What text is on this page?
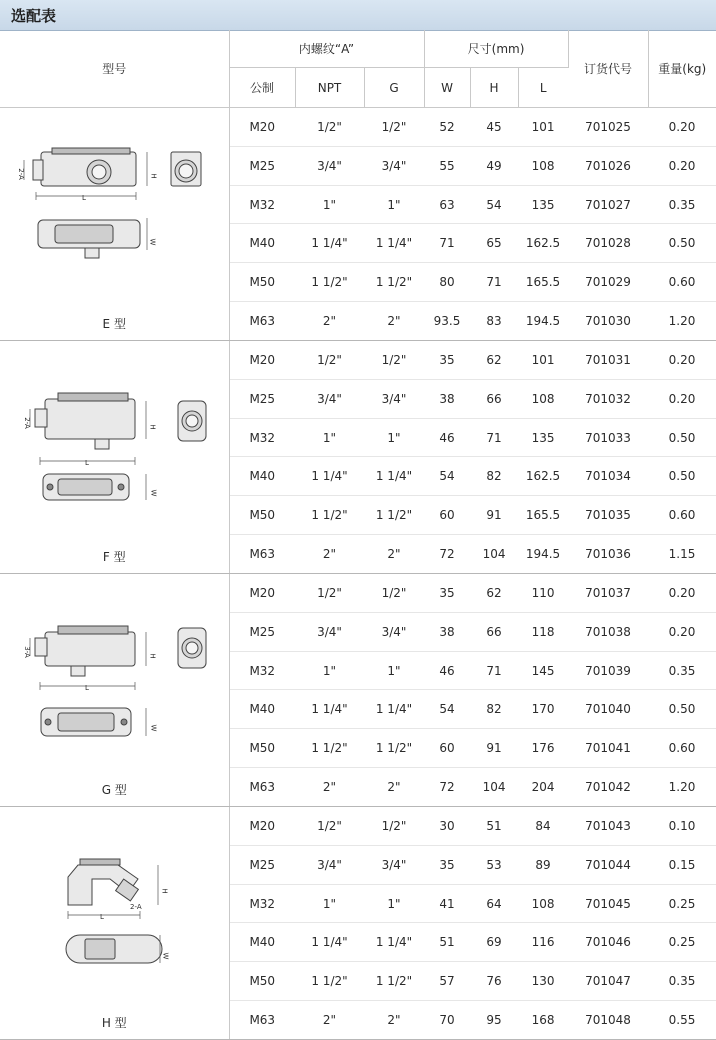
选配表
型号	内螺纹“A”			尺寸(mm)			订货代号	重量(kg)
	公制	NPT	G	W	H	L		

2-A H
L
W
E 型	M20	1/2"	1/2"	52	45	101	701025	0.20
	M25	3/4"	3/4"	55	49	108	701026	0.20
	M32	1"	1"	63	54	135	701027	0.35
	M40	1 1/4"	1 1/4"	71	65	162.5	701028	0.50
	M50	1 1/2"	1 1/2"	80	71	165.5	701029	0.60
	M63	2"	2"	93.5	83	194.5	701030	1.20

2-A H
L
W
F 型	M20	1/2"	1/2"	35	62	101	701031	0.20
	M25	3/4"	3/4"	38	66	108	701032	0.20
	M32	1"	1"	46	71	135	701033	0.50
	M40	1 1/4"	1 1/4"	54	82	162.5	701034	0.50
	M50	1 1/2"	1 1/2"	60	91	165.5	701035	0.60
	M63	2"	2"	72	104	194.5	701036	1.15

3-A H
L
W
G 型	M20	1/2"	1/2"	35	62	110	701037	0.20
	M25	3/4"	3/4"	38	66	118	701038	0.20
	M32	1"	1"	46	71	145	701039	0.35
	M40	1 1/4"	1 1/4"	54	82	170	701040	0.50
	M50	1 1/2"	1 1/2"	60	91	176	701041	0.60
	M63	2"	2"	72	104	204	701042	1.20

2-A
H
L
W
H 型	M20	1/2"	1/2"	30	51	84	701043	0.10
	M25	3/4"	3/4"	35	53	89	701044	0.15
	M32	1"	1"	41	64	108	701045	0.25
	M40	1 1/4"	1 1/4"	51	69	116	701046	0.25
	M50	1 1/2"	1 1/2"	57	76	130	701047	0.35
	M63	2"	2"	70	95	168	701048	0.55
